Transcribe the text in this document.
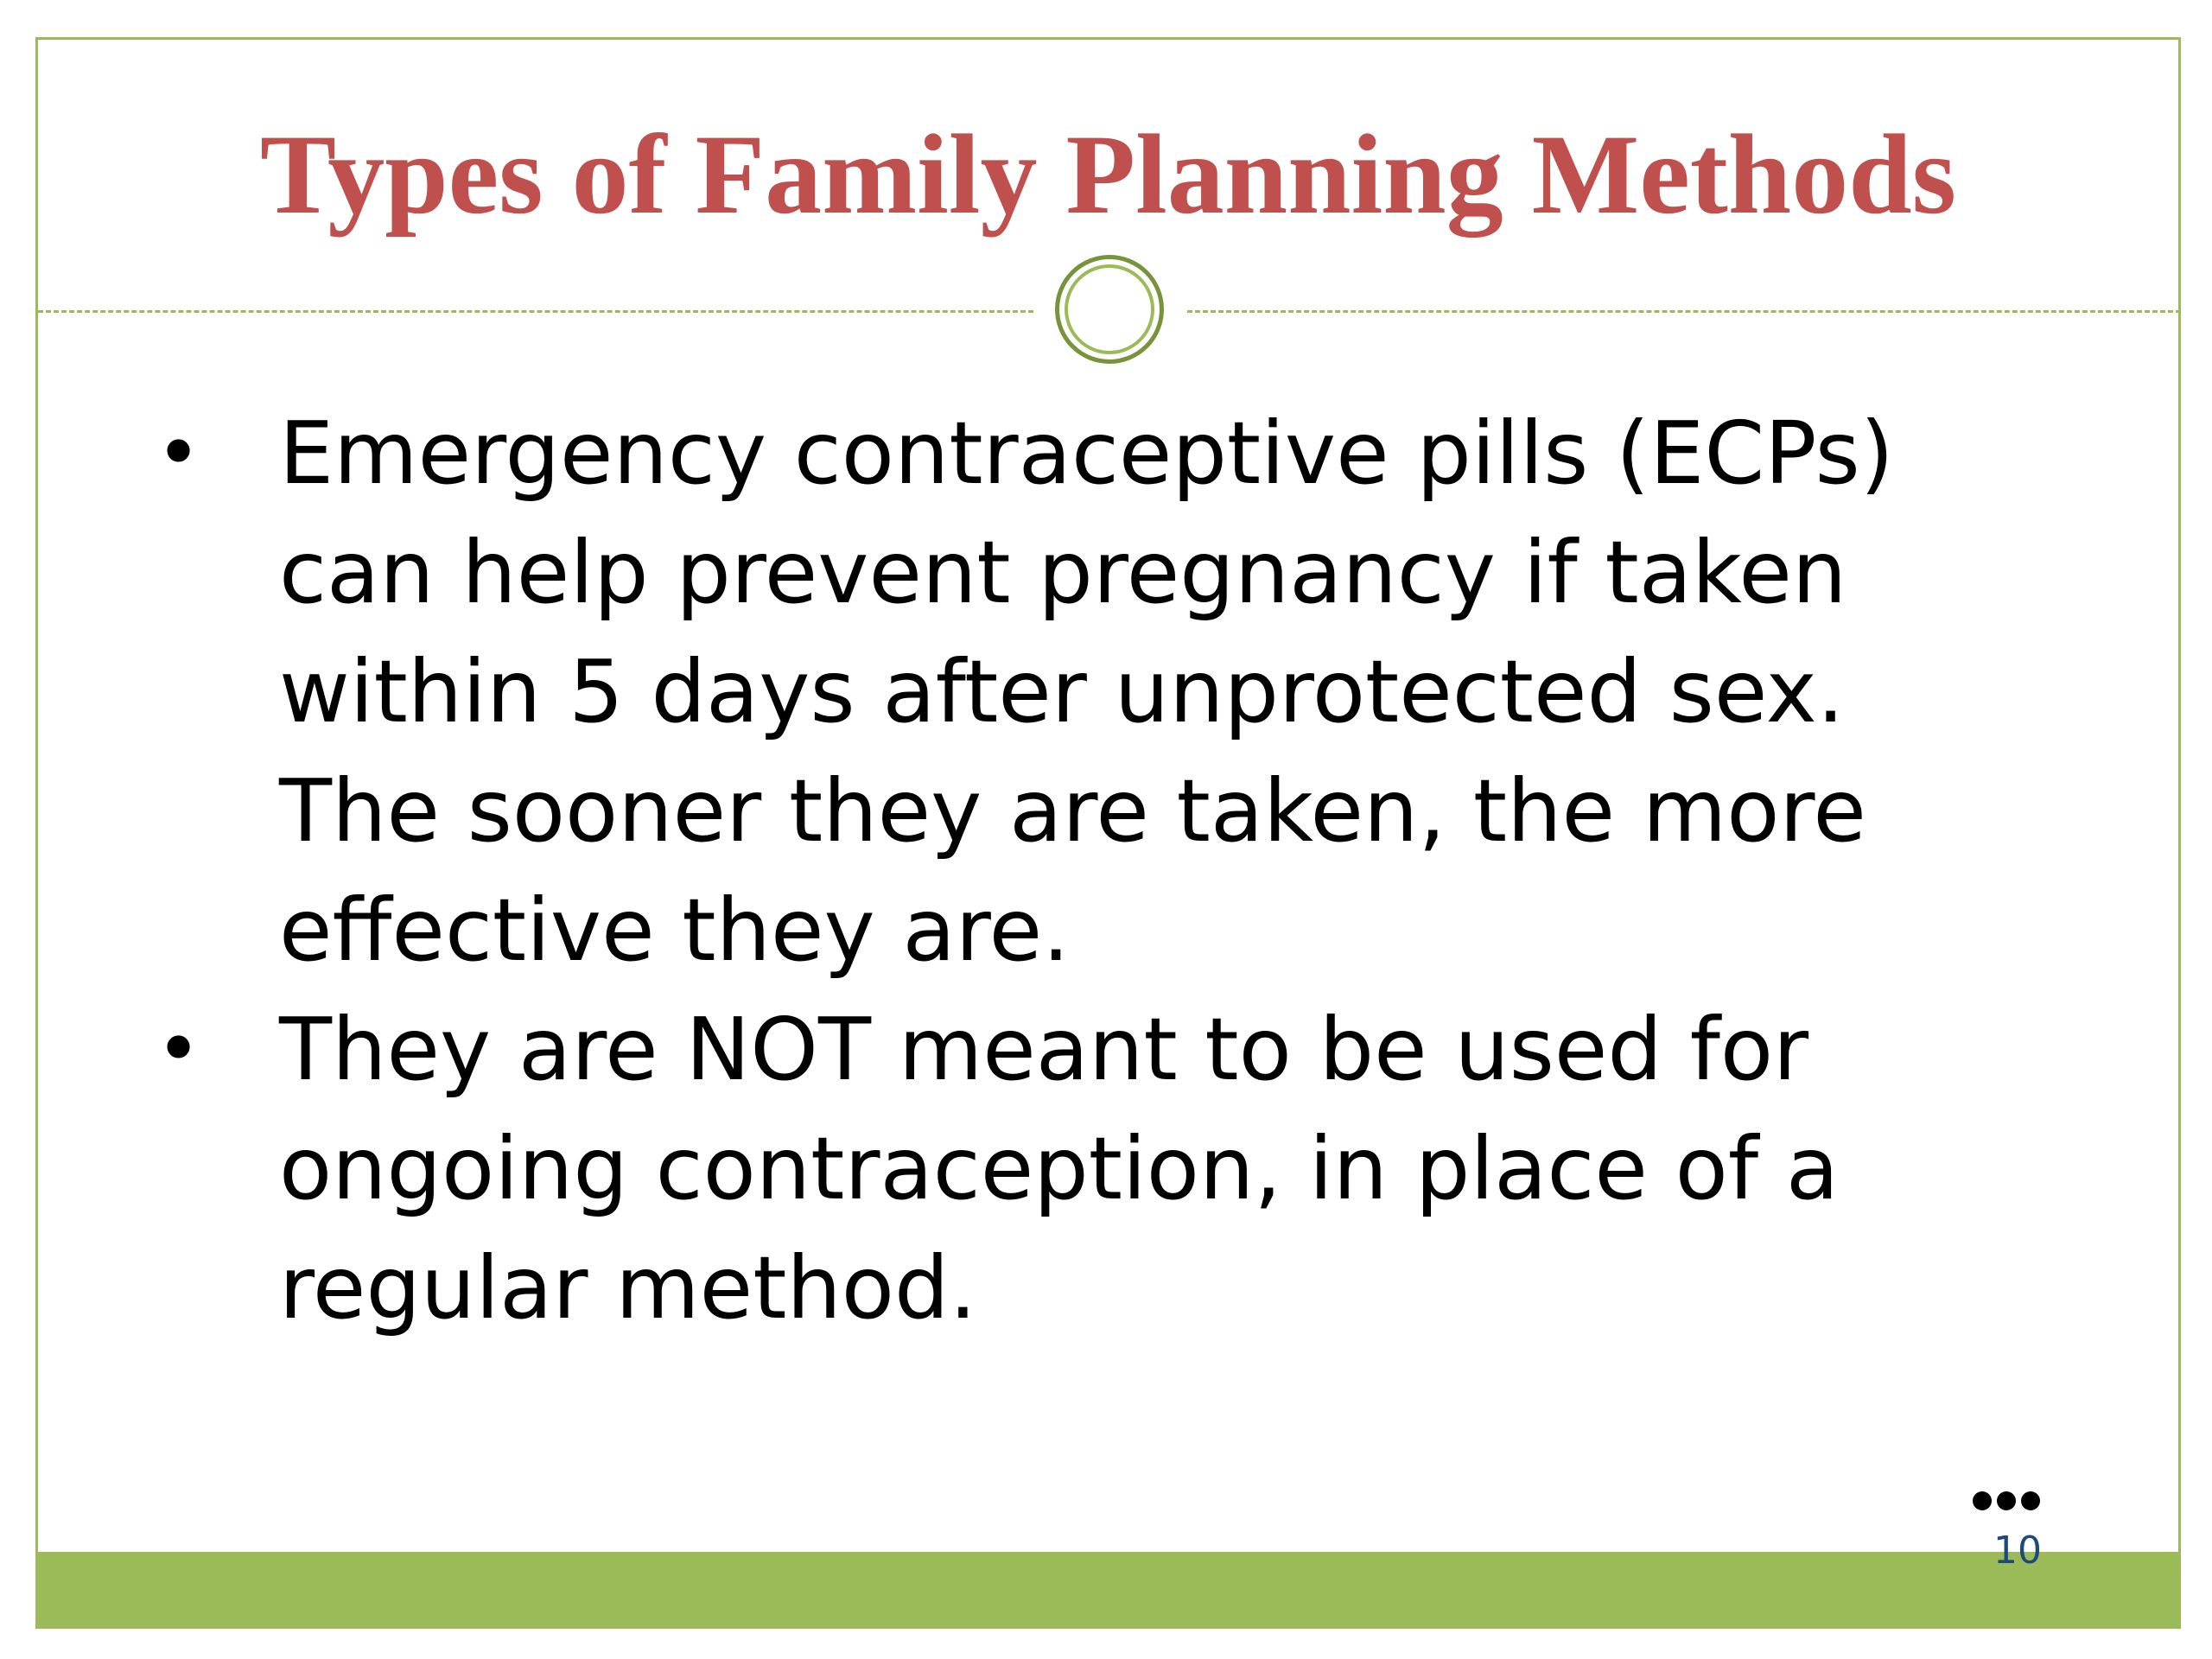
Types of Family Planning Methods
• Emergency contraceptive pills (ECPs) can help prevent pregnancy if taken within 5 days after unprotected sex. The sooner they are taken, the more effective they are.
• They are NOT meant to be used for ongoing contraception, in place of a regular method.
10
